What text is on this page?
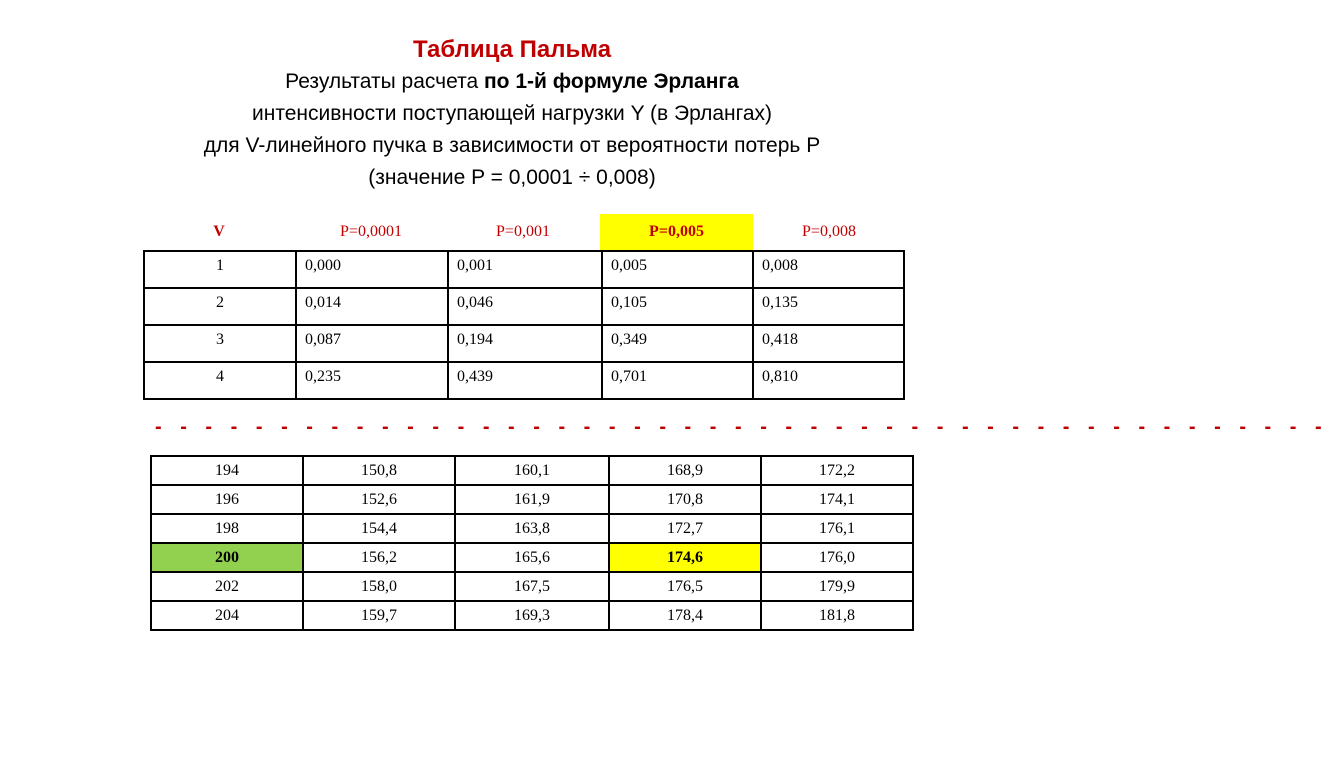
Таблица Пальма
Результаты расчета по 1-й формуле Эрланга
интенсивности поступающей нагрузки Y (в Эрлангах)
для V-линейного пучка в зависимости от вероятности потерь P
(значение P = 0,0001 ÷ 0,008)
V	P=0,0001	P=0,001	P=0,005	P=0,008
1	0,000	0,001	0,005	0,008
2	0,014	0,046	0,105	0,135
3	0,087	0,194	0,349	0,418
4	0,235	0,439	0,701	0,810
- - - - - - - - - - - - - - - - - - - - - - - - - - - - - - - - - - - - - - - - - - - - - - -
194	150,8	160,1	168,9	172,2
196	152,6	161,9	170,8	174,1
198	154,4	163,8	172,7	176,1
200	156,2	165,6	174,6	176,0
202	158,0	167,5	176,5	179,9
204	159,7	169,3	178,4	181,8
